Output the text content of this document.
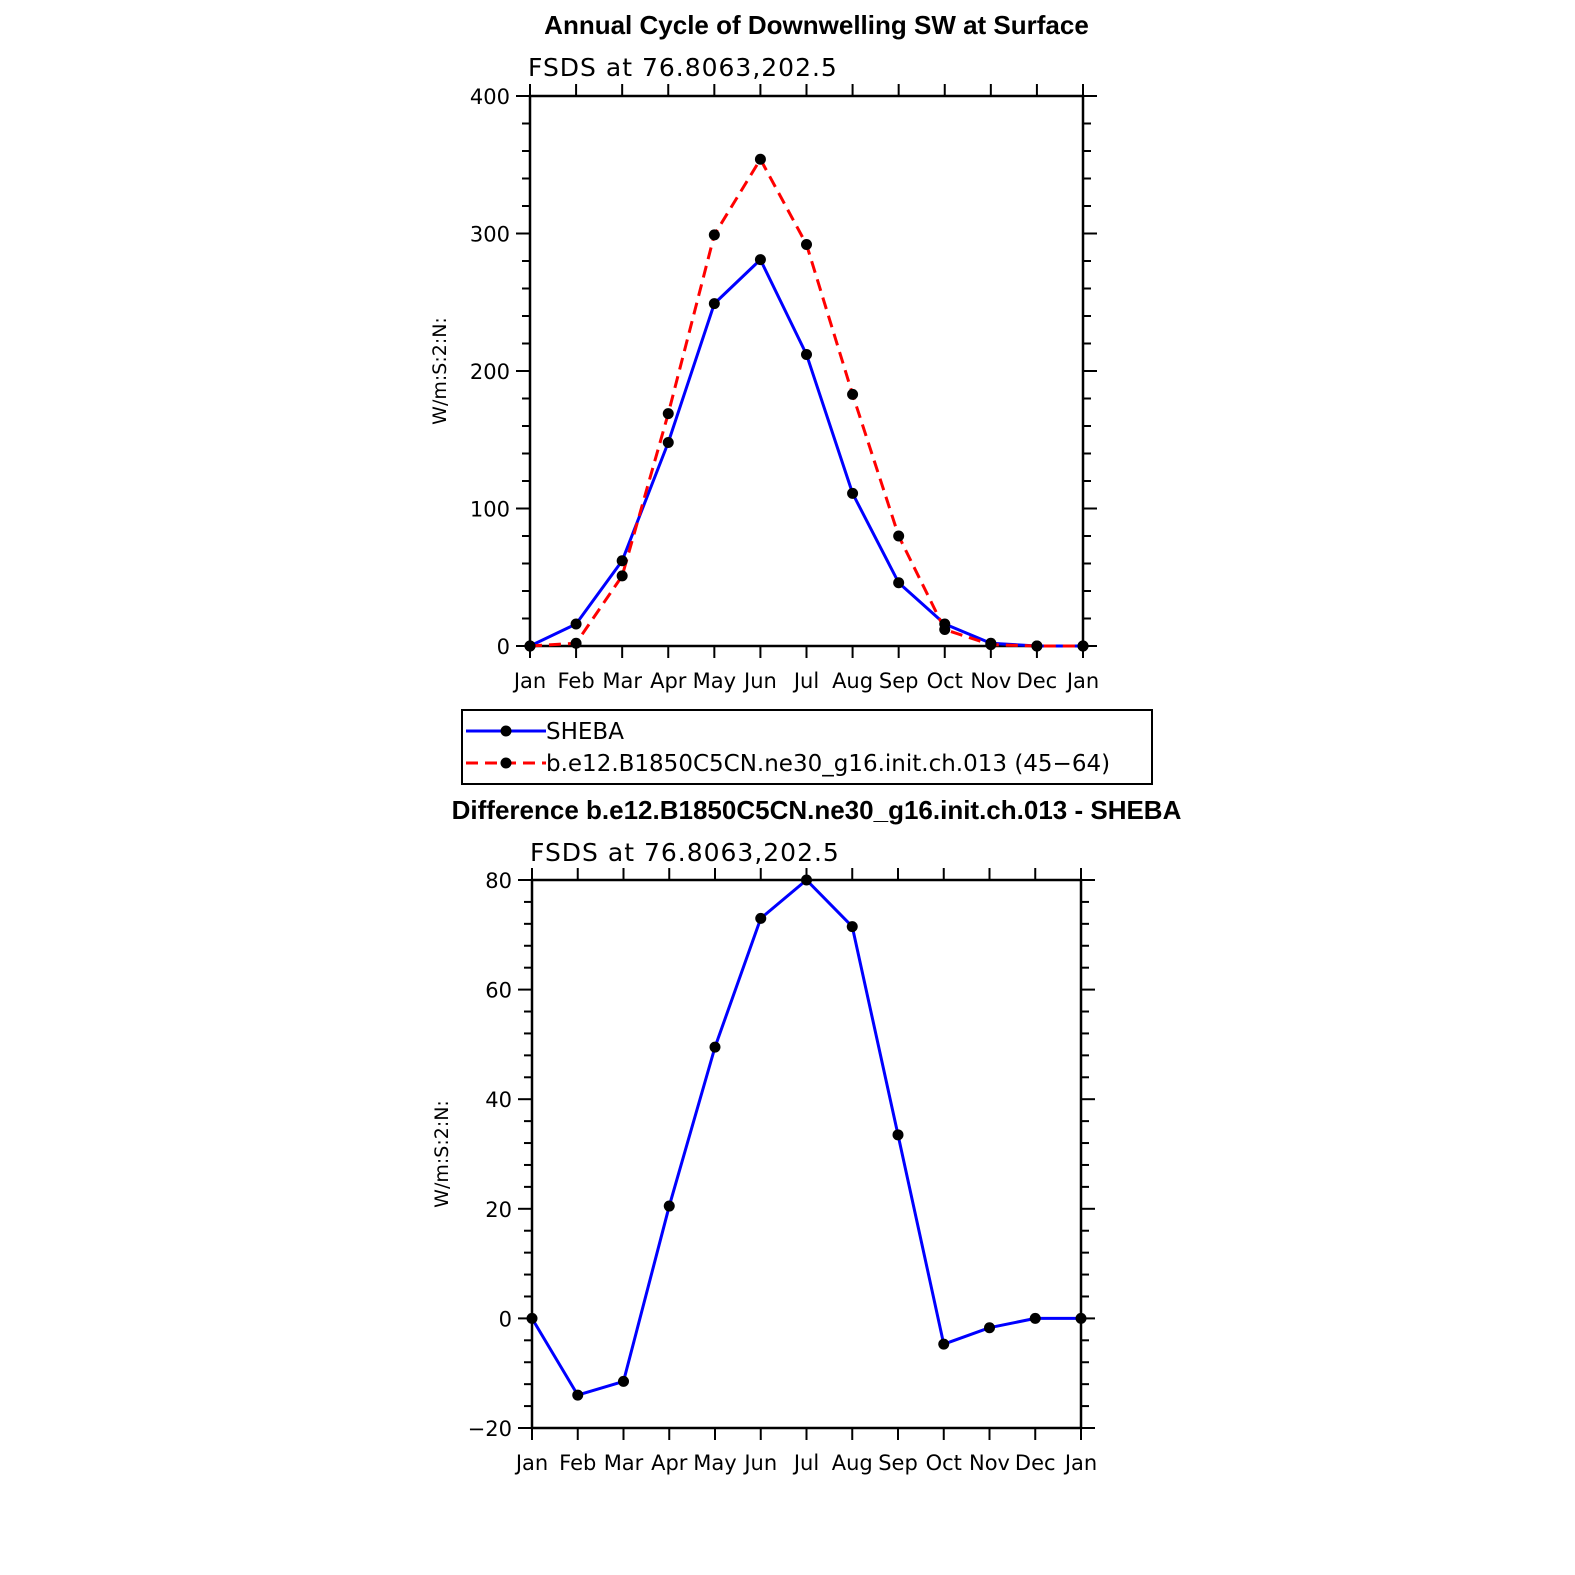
Annual Cycle of Downwelling SW at Surface
FSDS at 76.8063,202.5
0
100
200
300
400
Jan Feb Mar Apr May Jun Jul Aug Sep Oct Nov Dec Jan
W/m:S:2:N:
SHEBA
b.e12.B1850C5CN.ne30_g16.init.ch.013 (45−64)
Difference b.e12.B1850C5CN.ne30_g16.init.ch.013 - SHEBA
FSDS at 76.8063,202.5
−20
0
20
40
60
80
Jan Feb Mar Apr May Jun Jul Aug Sep Oct Nov Dec Jan
W/m:S:2:N:
